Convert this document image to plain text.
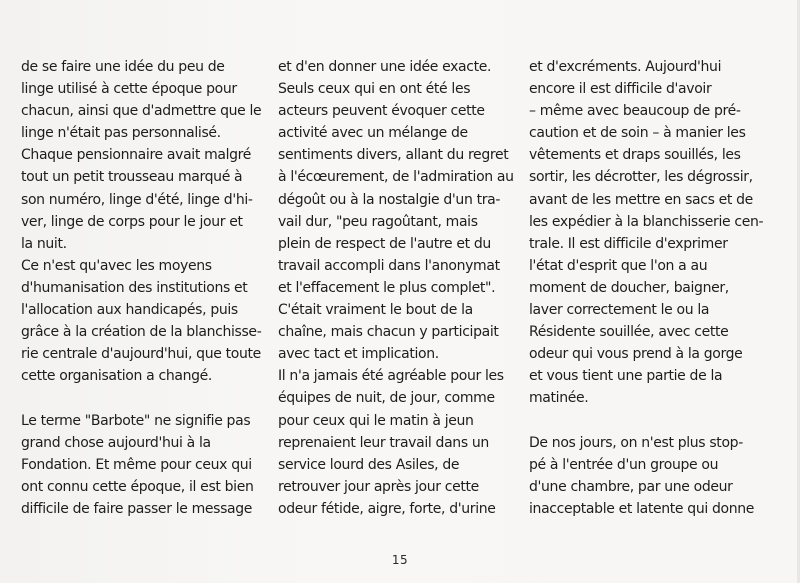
de se faire une idée du peu de
linge utilisé à cette époque pour
chacun, ainsi que d'admettre que le
linge n'était pas personnalisé.
Chaque pensionnaire avait malgré
tout un petit trousseau marqué à
son numéro, linge d'été, linge d'hi-
ver, linge de corps pour le jour et
la nuit.
Ce n'est qu'avec les moyens
d'humanisation des institutions et
l'allocation aux handicapés, puis
grâce à la création de la blanchisse-
rie centrale d'aujourd'hui, que toute
cette organisation a changé.
Le terme "Barbote" ne signifie pas
grand chose aujourd'hui à la
Fondation. Et même pour ceux qui
ont connu cette époque, il est bien
difficile de faire passer le message
et d'en donner une idée exacte.
Seuls ceux qui en ont été les
acteurs peuvent évoquer cette
activité avec un mélange de
sentiments divers, allant du regret
à l'écœurement, de l'admiration au
dégoût ou à la nostalgie d'un tra-
vail dur, "peu ragoûtant, mais
plein de respect de l'autre et du
travail accompli dans l'anonymat
et l'effacement le plus complet".
C'était vraiment le bout de la
chaîne, mais chacun y participait
avec tact et implication.
Il n'a jamais été agréable pour les
équipes de nuit, de jour, comme
pour ceux qui le matin à jeun
reprenaient leur travail dans un
service lourd des Asiles, de
retrouver jour après jour cette
odeur fétide, aigre, forte, d'urine
et d'excréments. Aujourd'hui
encore il est difficile d'avoir
– même avec beaucoup de pré-
caution et de soin – à manier les
vêtements et draps souillés, les
sortir, les décrotter, les dégrossir,
avant de les mettre en sacs et de
les expédier à la blanchisserie cen-
trale. Il est difficile d'exprimer
l'état d'esprit que l'on a au
moment de doucher, baigner,
laver correctement le ou la
Résidente souillée, avec cette
odeur qui vous prend à la gorge
et vous tient une partie de la
matinée.
De nos jours, on n'est plus stop-
pé à l'entrée d'un groupe ou
d'une chambre, par une odeur
inacceptable et latente qui donne
15
